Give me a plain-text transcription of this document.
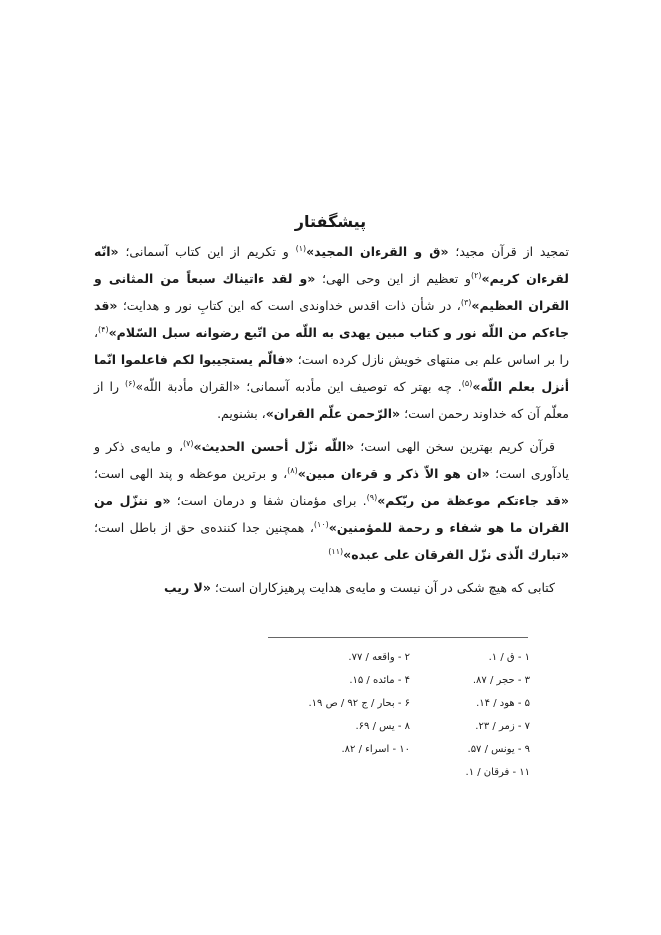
پیشگفتار

تمجید از قرآن مجید؛ «ق و القرءان المجید»$^{(۱)}$ و تکریم از این کتاب آسمانی؛ «انّه لقرءان کریم»$^{(۲)}$و تعظیم از این وحی الهی؛ «و لقد ءاتیناك سبعاً من المثانی و القران العظیم»$^{(۳)}$، در شأن ذات اقدس خداوندی است که این کتابِ نور و هدایت؛ «قد جاءکم من اللّه نور و کتاب مبین یهدی به اللّه من اتّبع رضوانه سبل السّلام»$^{(۴)}$، را بر اساس علم بی منتهای خویش نازل کرده است؛ «فالّم یستجیبوا لکم فاعلموا انّما أنزل بعلم اللّه»$^{(۵)}$. چه بهتر که توصیف این مأدبه آسمانی؛ «القران مأدبة اللّه»$^{(۶)}$ را از معلّم آن که خداوند رحمن است؛ «الرّحمن علّم القران»، بشنویم.

قرآن کریم بهترین سخن الهی است؛ «اللّه نزّل أحسن الحدیث»$^{(۷)}$، و مایه‌ی ذکر و یادآوری است؛ «ان هو الاّ ذکر و قرءان مبین»$^{(۸)}$، و برترین موعظه و پند الهی است؛ «قد جاءتکم موعظة من ربّکم»$^{(۹)}$. برای مؤمنان شفا و درمان است؛ «و ننزّل من القران ما هو شفاء و رحمة للمؤمنین»$^{(۱۰)}$، همچنین جدا کننده‌ی حق از باطل است؛ «تبارك الّذی نزّل الفرقان علی عبده»$^{(۱۱)}$

کتابی که هیچ شکی در آن نیست و مایه‌ی هدایت پرهیزکاران است؛ «لا ریب

۱ - ق / ۱.
۲ - واقعه / ۷۷.
۳ - حجر / ۸۷.
۴ - مائده / ۱۵.
۵ - هود / ۱۴.
۶ - بحار / ج ۹۲ / ص ۱۹.
۷ - زمر / ۲۳.
۸ - یس / ۶۹.
۹ - یونس / ۵۷.
۱۰ - اسراء / ۸۲.
۱۱ - فرقان / ۱.
